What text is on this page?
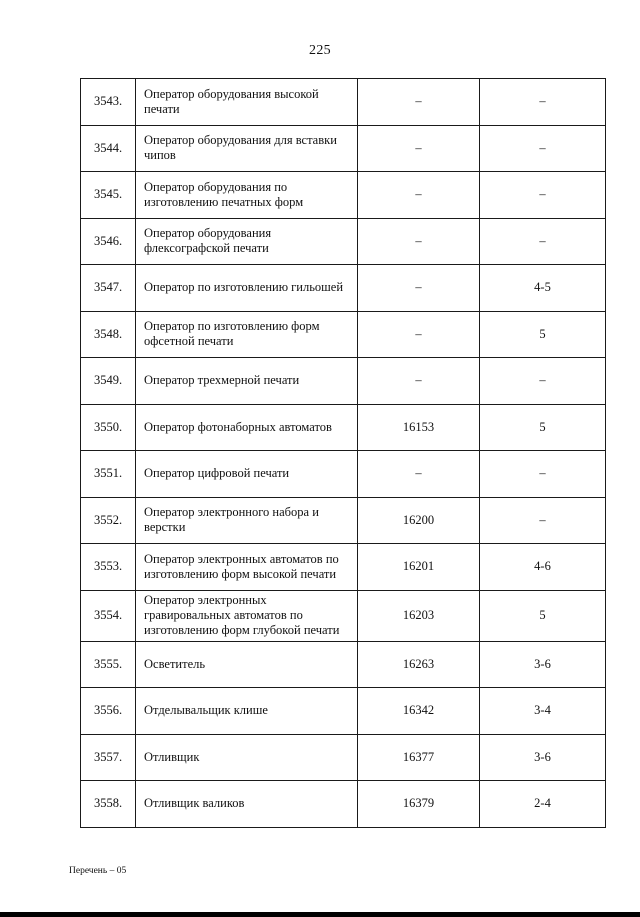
225
3543.	Оператор оборудования высокой печати	–	–
3544.	Оператор оборудования для вставки чипов	–	–
3545.	Оператор оборудования по изготовлению печатных форм	–	–
3546.	Оператор оборудования флексографской печати	–	–
3547.	Оператор по изготовлению гильошей	–	4-5
3548.	Оператор по изготовлению форм офсетной печати	–	5
3549.	Оператор трехмерной печати	–	–
3550.	Оператор фотонаборных автоматов	16153	5
3551.	Оператор цифровой печати	–	–
3552.	Оператор электронного набора и верстки	16200	–
3553.	Оператор электронных автоматов по изготовлению форм высокой печати	16201	4-6
3554.	Оператор электронных гравировальных автоматов по изготовлению форм глубокой печати	16203	5
3555.	Осветитель	16263	3-6
3556.	Отделывальщик клише	16342	3-4
3557.	Отливщик	16377	3-6
3558.	Отливщик валиков	16379	2-4
Перечень – 05
